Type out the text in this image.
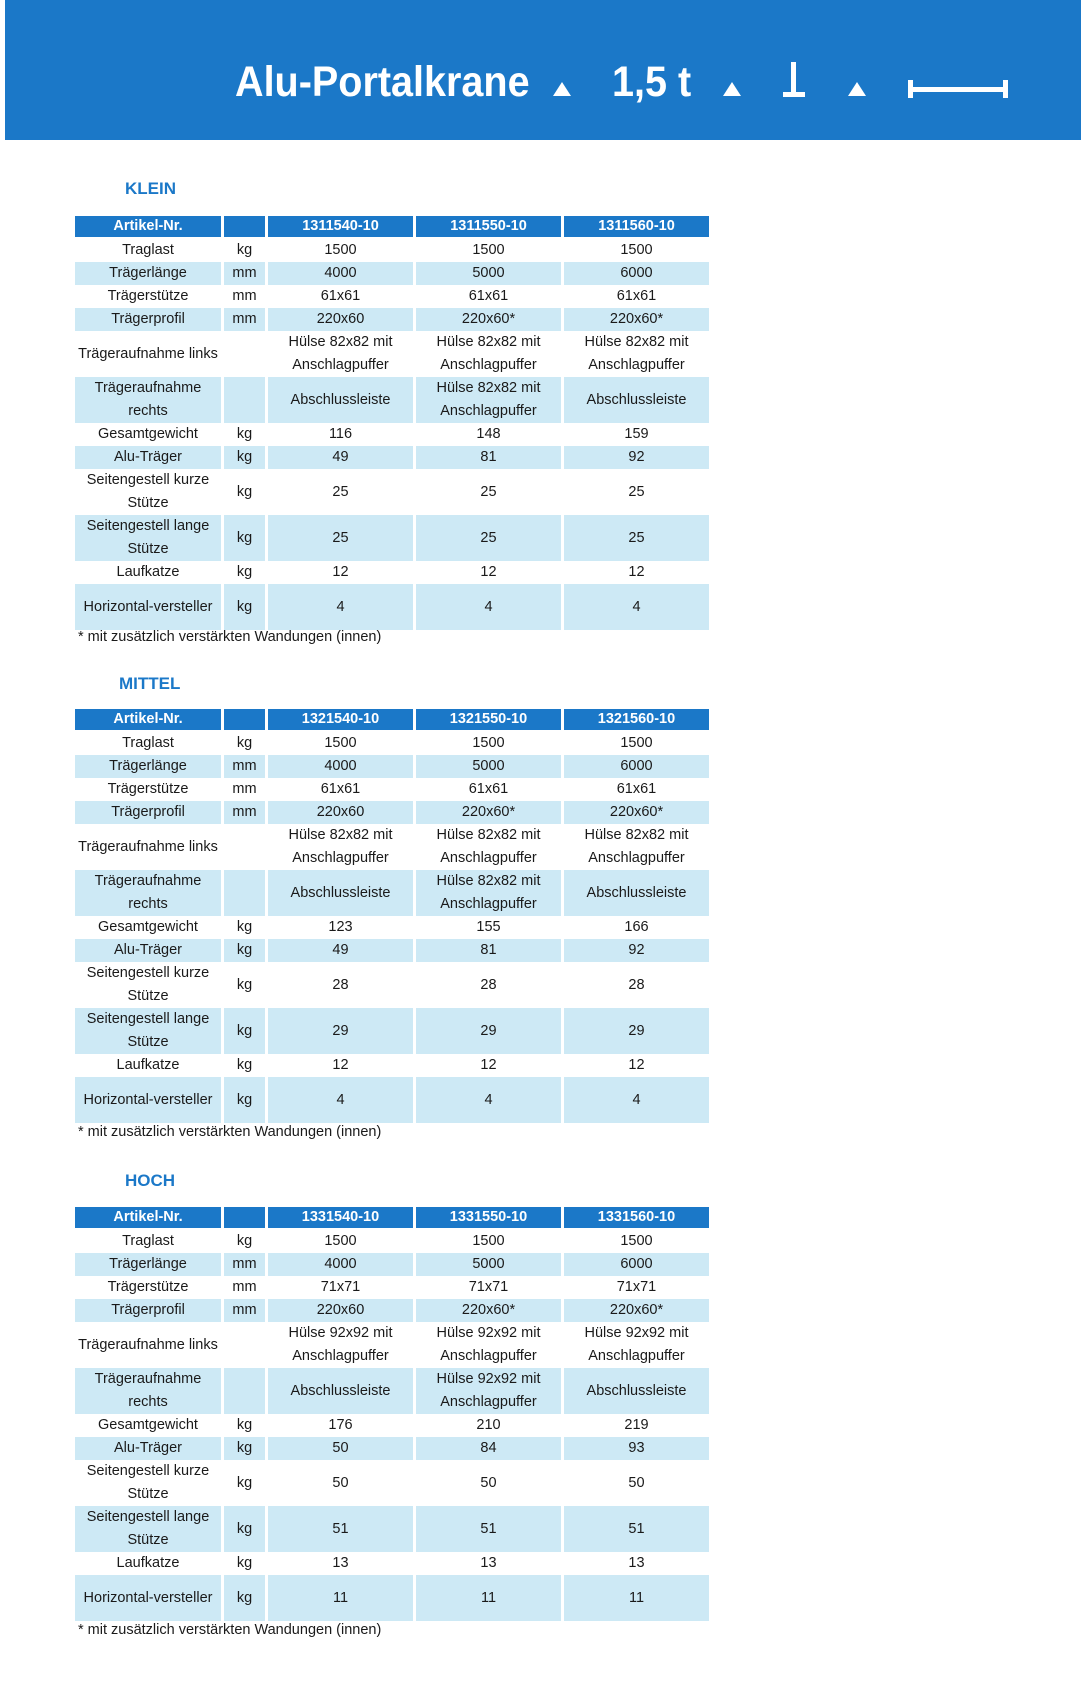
Alu-Portalkrane 1,5 t
KLEIN
Artikel-Nr.		1311540-10	1311550-10	1311560-10
Traglast	kg	1500	1500	1500
Trägerlänge	mm	4000	5000	6000
Trägerstütze	mm	61x61	61x61	61x61
Trägerprofil	mm	220x60	220x60*	220x60*
Trägeraufnahme links		Hülse 82x82 mit Anschlagpuffer	Hülse 82x82 mit Anschlagpuffer	Hülse 82x82 mit Anschlagpuffer
Trägeraufnahme rechts		Abschlussleiste	Hülse 82x82 mit Anschlagpuffer	Abschlussleiste
Gesamtgewicht	kg	116	148	159
Alu-Träger	kg	49	81	92
Seitengestell kurze Stütze	kg	25	25	25
Seitengestell lange Stütze	kg	25	25	25
Laufkatze	kg	12	12	12
Horizontal-versteller	kg	4	4	4
* mit zusätzlich verstärkten Wandungen (innen)
MITTEL
Artikel-Nr.		1321540-10	1321550-10	1321560-10
Traglast	kg	1500	1500	1500
Trägerlänge	mm	4000	5000	6000
Trägerstütze	mm	61x61	61x61	61x61
Trägerprofil	mm	220x60	220x60*	220x60*
Trägeraufnahme links		Hülse 82x82 mit Anschlagpuffer	Hülse 82x82 mit Anschlagpuffer	Hülse 82x82 mit Anschlagpuffer
Trägeraufnahme rechts		Abschlussleiste	Hülse 82x82 mit Anschlagpuffer	Abschlussleiste
Gesamtgewicht	kg	123	155	166
Alu-Träger	kg	49	81	92
Seitengestell kurze Stütze	kg	28	28	28
Seitengestell lange Stütze	kg	29	29	29
Laufkatze	kg	12	12	12
Horizontal-versteller	kg	4	4	4
* mit zusätzlich verstärkten Wandungen (innen)
HOCH
Artikel-Nr.		1331540-10	1331550-10	1331560-10
Traglast	kg	1500	1500	1500
Trägerlänge	mm	4000	5000	6000
Trägerstütze	mm	71x71	71x71	71x71
Trägerprofil	mm	220x60	220x60*	220x60*
Trägeraufnahme links		Hülse 92x92 mit Anschlagpuffer	Hülse 92x92 mit Anschlagpuffer	Hülse 92x92 mit Anschlagpuffer
Trägeraufnahme rechts		Abschlussleiste	Hülse 92x92 mit Anschlagpuffer	Abschlussleiste
Gesamtgewicht	kg	176	210	219
Alu-Träger	kg	50	84	93
Seitengestell kurze Stütze	kg	50	50	50
Seitengestell lange Stütze	kg	51	51	51
Laufkatze	kg	13	13	13
Horizontal-versteller	kg	11	11	11
* mit zusätzlich verstärkten Wandungen (innen)
